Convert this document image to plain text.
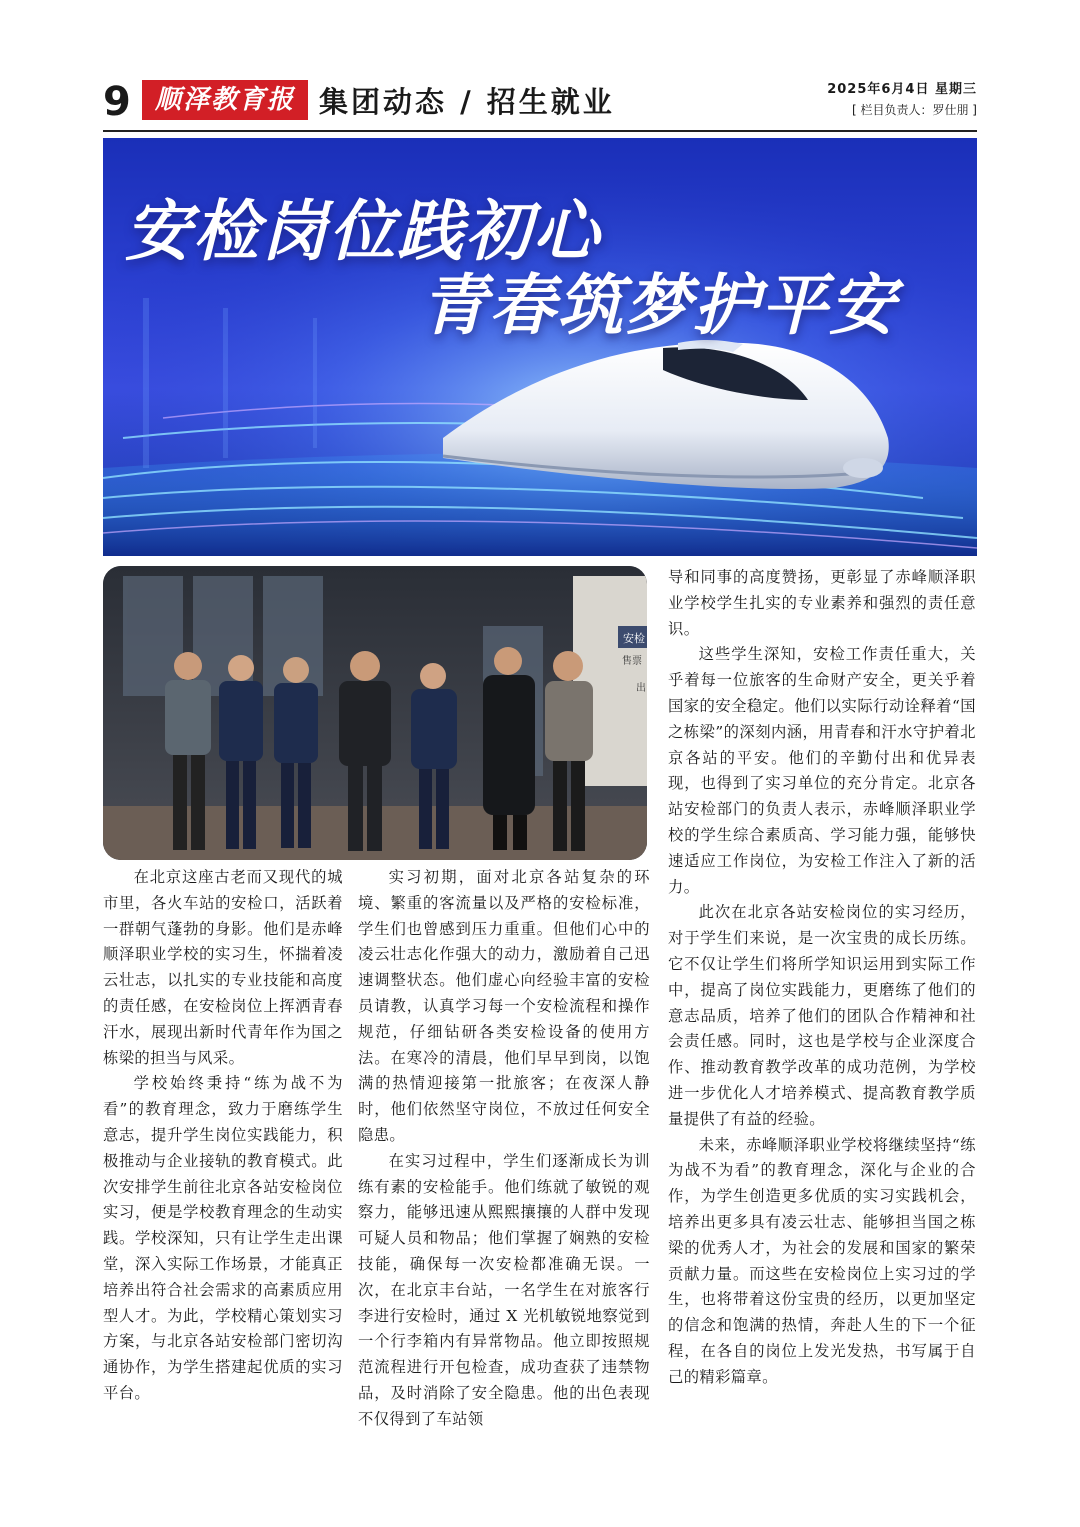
9 顺泽教育报 集团动态 / 招生就业	2025年6月4日 星期三
[ 栏目负责人：罗仕朋 ]
安检岗位践初心
青春筑梦护平安
安检
售票
出

在北京这座古老而又现代的城市里，各火车站的安检口，活跃着一群朝气蓬勃的身影。他们是赤峰顺泽职业学校的实习生，怀揣着凌云壮志，以扎实的专业技能和高度的责任感，在安检岗位上挥洒青春汗水，展现出新时代青年作为国之栋梁的担当与风采。

学校始终秉持“练为战不为看”的教育理念，致力于磨练学生意志，提升学生岗位实践能力，积极推动与企业接轨的教育模式。此次安排学生前往北京各站安检岗位实习，便是学校教育理念的生动实践。学校深知，只有让学生走出课堂，深入实际工作场景，才能真正培养出符合社会需求的高素质应用型人才。为此，学校精心策划实习方案，与北京各站安检部门密切沟通协作，为学生搭建起优质的实习平台。

实习初期，面对北京各站复杂的环境、繁重的客流量以及严格的安检标准，学生们也曾感到压力重重。但他们心中的凌云壮志化作强大的动力，激励着自己迅速调整状态。他们虚心向经验丰富的安检员请教，认真学习每一个安检流程和操作规范，仔细钻研各类安检设备的使用方法。在寒冷的清晨，他们早早到岗，以饱满的热情迎接第一批旅客；在夜深人静时，他们依然坚守岗位，不放过任何安全隐患。

在实习过程中，学生们逐渐成长为训练有素的安检能手。他们练就了敏锐的观察力，能够迅速从熙熙攘攘的人群中发现可疑人员和物品；他们掌握了娴熟的安检技能，确保每一次安检都准确无误。一次，在北京丰台站，一名学生在对旅客行李进行安检时，通过 X 光机敏锐地察觉到一个行李箱内有异常物品。他立即按照规范流程进行开包检查，成功查获了违禁物品，及时消除了安全隐患。他的出色表现不仅得到了车站领

导和同事的高度赞扬，更彰显了赤峰顺泽职业学校学生扎实的专业素养和强烈的责任意识。

这些学生深知，安检工作责任重大，关乎着每一位旅客的生命财产安全，更关乎着国家的安全稳定。他们以实际行动诠释着“国之栋梁”的深刻内涵，用青春和汗水守护着北京各站的平安。他们的辛勤付出和优异表现，也得到了实习单位的充分肯定。北京各站安检部门的负责人表示，赤峰顺泽职业学校的学生综合素质高、学习能力强，能够快速适应工作岗位，为安检工作注入了新的活力。

此次在北京各站安检岗位的实习经历，对于学生们来说，是一次宝贵的成长历练。它不仅让学生们将所学知识运用到实际工作中，提高了岗位实践能力，更磨练了他们的意志品质，培养了他们的团队合作精神和社会责任感。同时，这也是学校与企业深度合作、推动教育教学改革的成功范例，为学校进一步优化人才培养模式、提高教育教学质量提供了有益的经验。

未来，赤峰顺泽职业学校将继续坚持“练为战不为看”的教育理念，深化与企业的合作，为学生创造更多优质的实习实践机会，培养出更多具有凌云壮志、能够担当国之栋梁的优秀人才，为社会的发展和国家的繁荣贡献力量。而这些在安检岗位上实习过的学生，也将带着这份宝贵的经历，以更加坚定的信念和饱满的热情，奔赴人生的下一个征程，在各自的岗位上发光发热，书写属于自己的精彩篇章。
